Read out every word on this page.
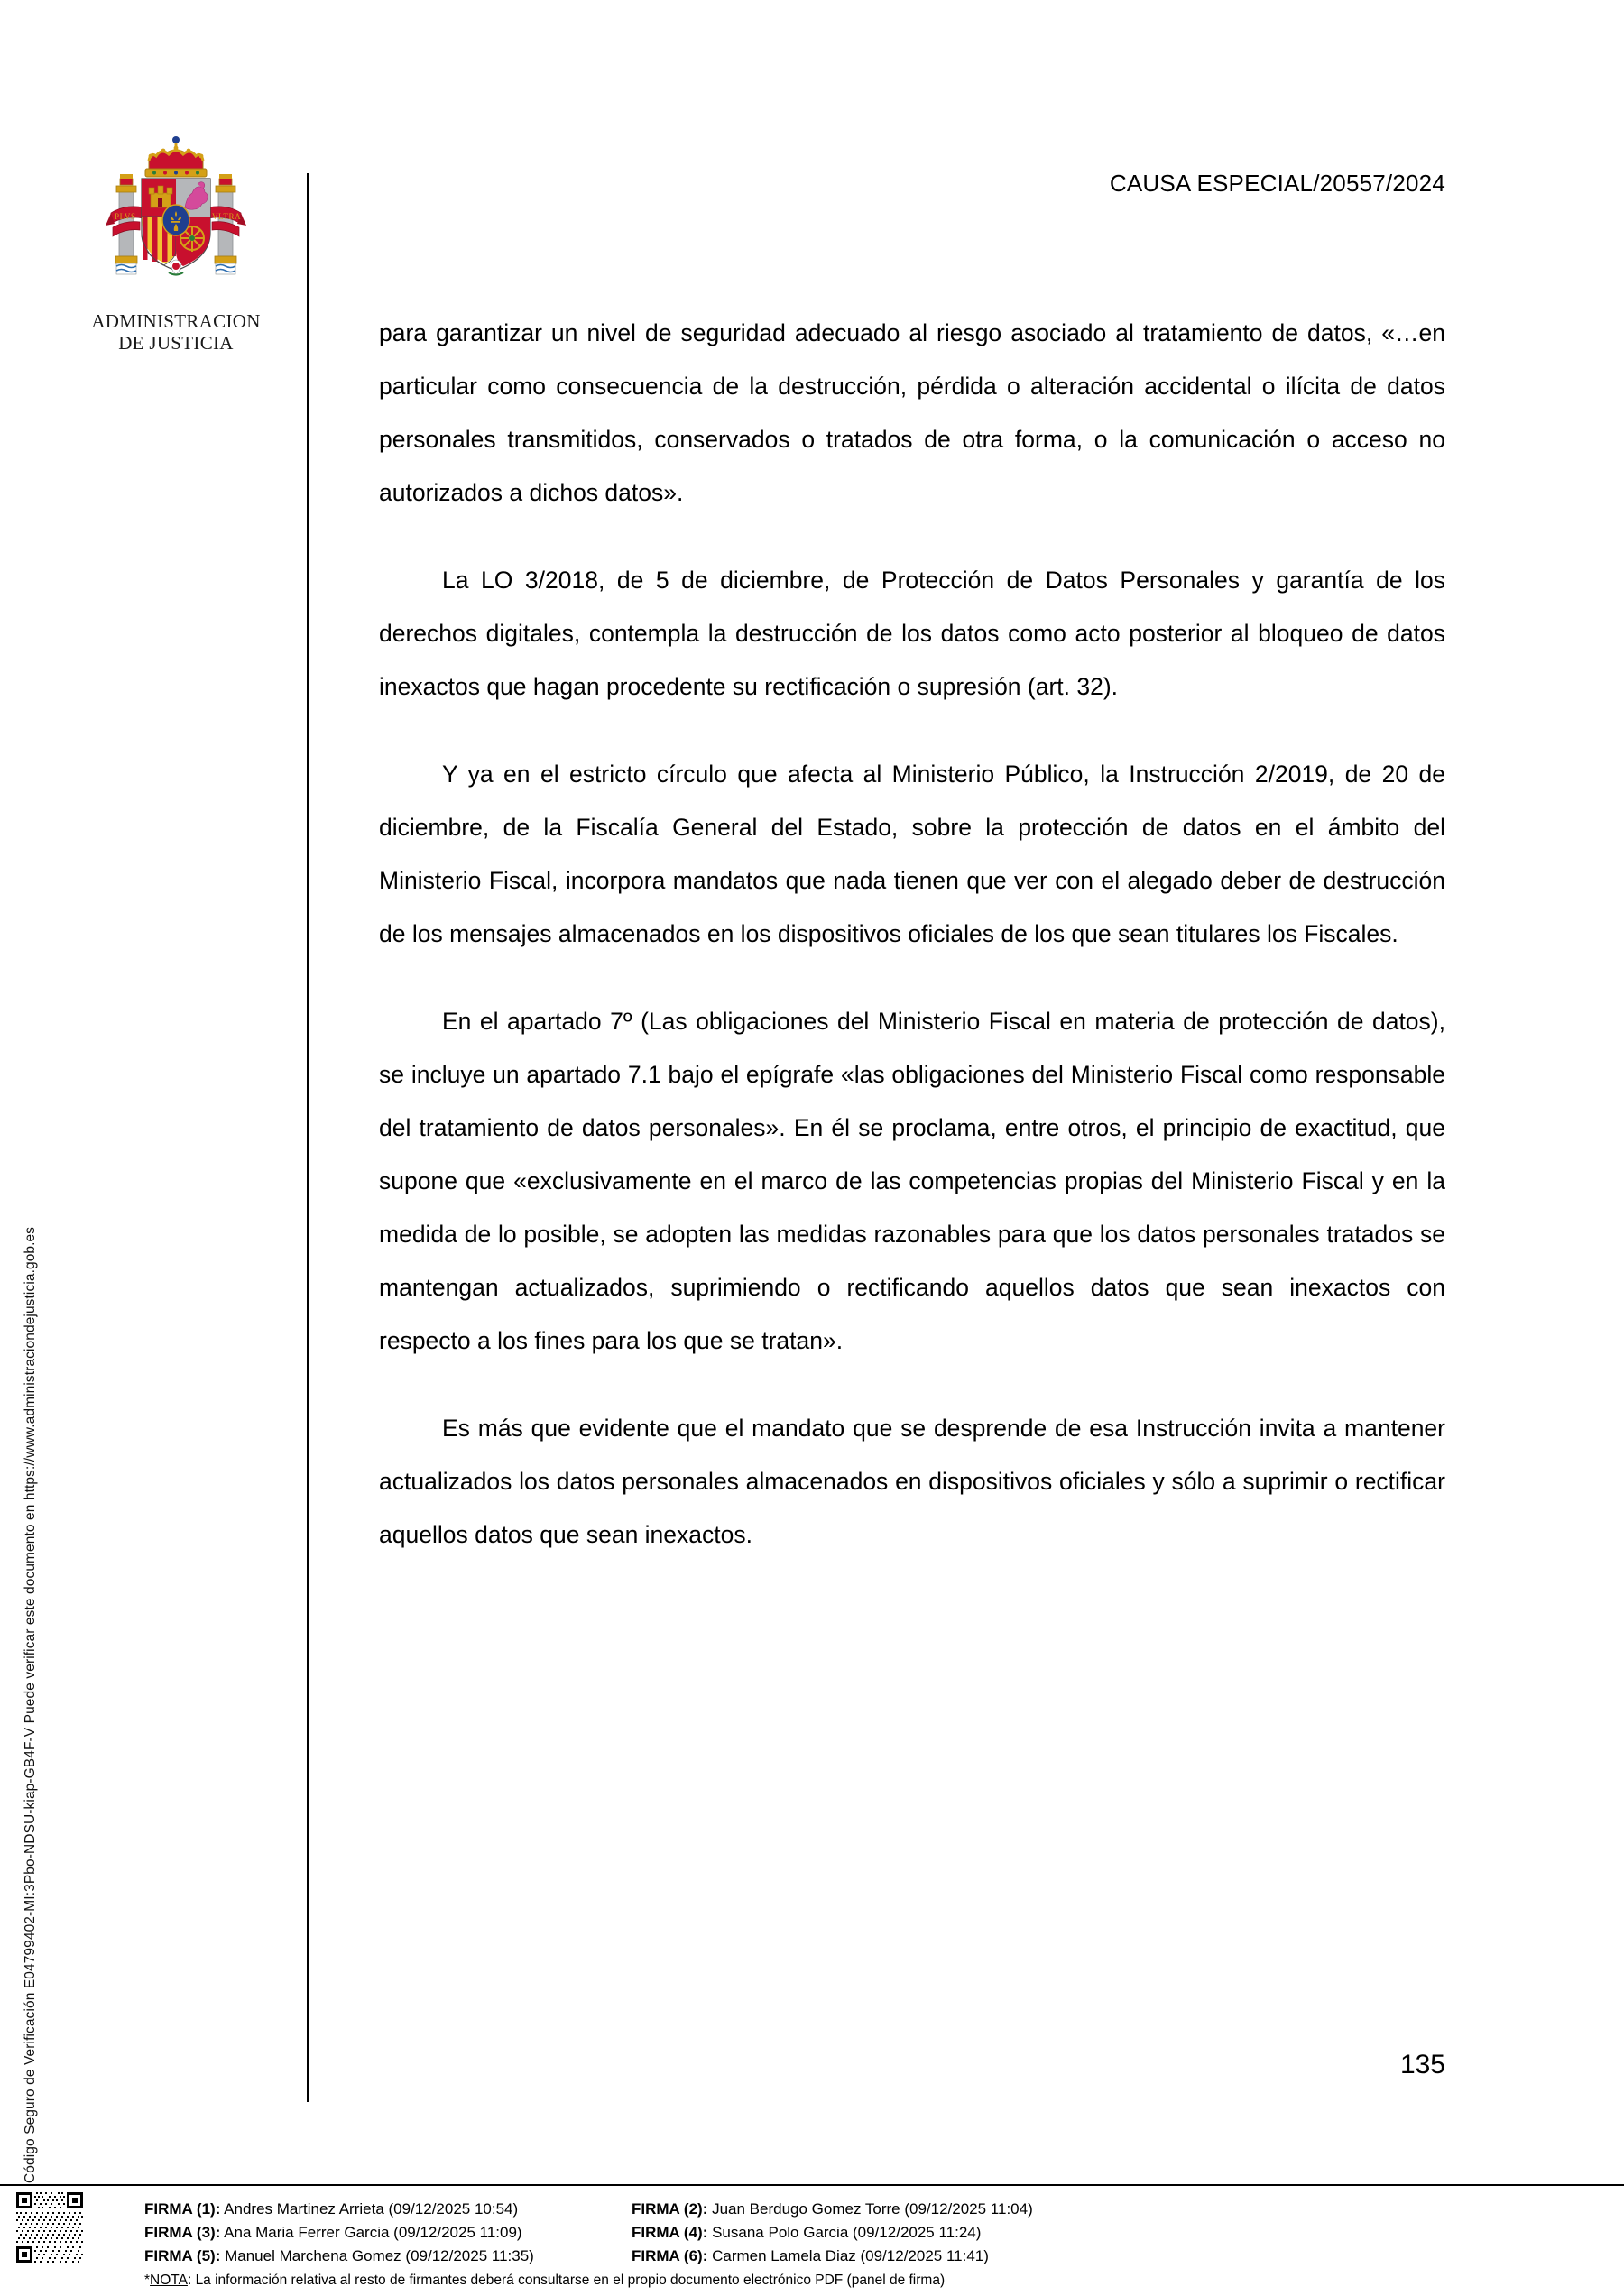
Código Seguro de Verificación E04799402-MI:3Pbo-NDSU-kiap-GB4F-V Puede verificar este documento en https://www.administraciondejusticia.gob.es
PLVS	VLTRA
ADMINISTRACION
DE JUSTICIA
CAUSA ESPECIAL/20557/2024

para garantizar un nivel de seguridad adecuado al riesgo asociado al tratamiento de datos, «…en particular como consecuencia de la destrucción, pérdida o alteración accidental o ilícita de datos personales transmitidos, conservados o tratados de otra forma, o la comunicación o acceso no autorizados a dichos datos».

La LO 3/2018, de 5 de diciembre, de Protección de Datos Personales y garantía de los derechos digitales, contempla la destrucción de los datos como acto posterior al bloqueo de datos inexactos que hagan procedente su rectificación o supresión (art. 32).

Y ya en el estricto círculo que afecta al Ministerio Público, la Instrucción 2/2019, de 20 de diciembre, de la Fiscalía General del Estado, sobre la protección de datos en el ámbito del Ministerio Fiscal, incorpora mandatos que nada tienen que ver con el alegado deber de destrucción de los mensajes almacenados en los dispositivos oficiales de los que sean titulares los Fiscales.

En el apartado 7º (Las obligaciones del Ministerio Fiscal en materia de protección de datos), se incluye un apartado 7.1 bajo el epígrafe «las obligaciones del Ministerio Fiscal como responsable del tratamiento de datos personales». En él se proclama, entre otros, el principio de exactitud, que supone que «exclusivamente en el marco de las competencias propias del Ministerio Fiscal y en la medida de lo posible, se adopten las medidas razonables para que los datos personales tratados se mantengan actualizados, suprimiendo o rectificando aquellos datos que sean inexactos con respecto a los fines para los que se tratan».

Es más que evidente que el mandato que se desprende de esa Instrucción invita a mantener actualizados los datos personales almacenados en dispositivos oficiales y sólo a suprimir o rectificar aquellos datos que sean inexactos.

135
FIRMA (1): Andres Martinez Arrieta (09/12/2025 10:54)	FIRMA (2): Juan Berdugo Gomez Torre (09/12/2025 11:04)
FIRMA (3): Ana Maria Ferrer Garcia (09/12/2025 11:09)	FIRMA (4): Susana Polo Garcia (09/12/2025 11:24)
FIRMA (5): Manuel Marchena Gomez (09/12/2025 11:35)	FIRMA (6): Carmen Lamela Diaz (09/12/2025 11:41)
*NOTA: La información relativa al resto de firmantes deberá consultarse en el propio documento electrónico PDF (panel de firma)
